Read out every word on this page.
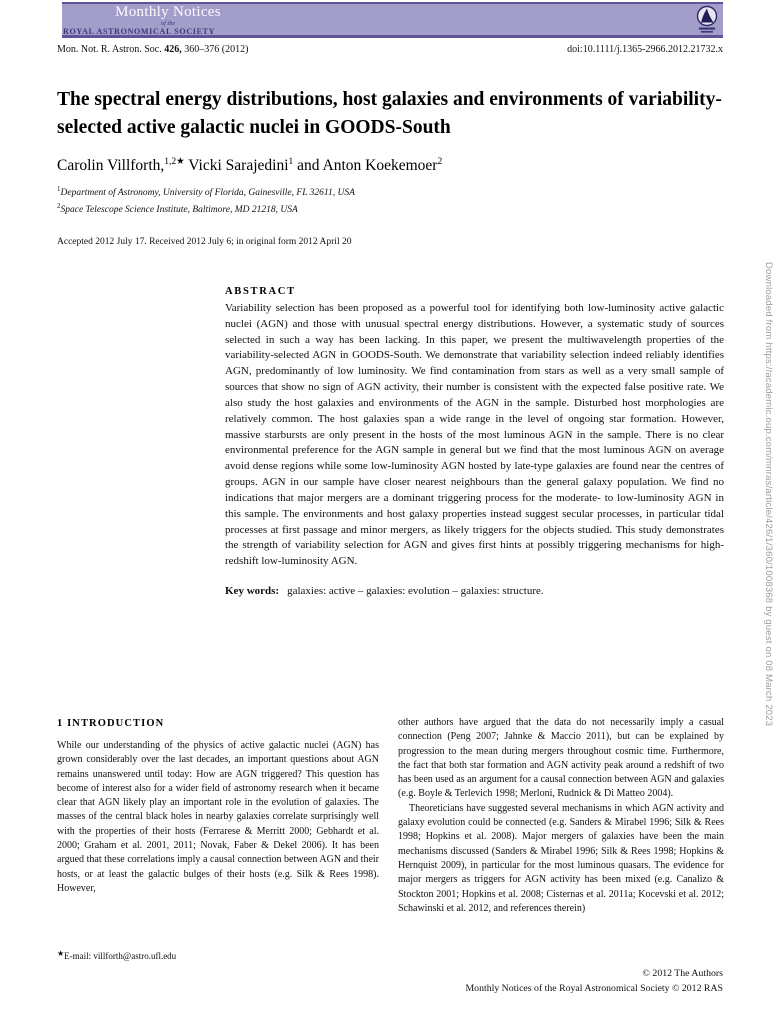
Monthly Notices
of the
ROYAL ASTRONOMICAL SOCIETY
Mon. Not. R. Astron. Soc. 426, 360–376 (2012)	doi:10.1111/j.1365-2966.2012.21732.x
The spectral energy distributions, host galaxies and environments of variability-selected active galactic nuclei in GOODS-South
Carolin Villforth,$^{1,2★}$ Vicki Sarajedini$^1$ and Anton Koekemoer$^2$
$^1$Department of Astronomy, University of Florida, Gainesville, FL 32611, USA
$^2$Space Telescope Science Institute, Baltimore, MD 21218, USA
Accepted 2012 July 17. Received 2012 July 6; in original form 2012 April 20
ABSTRACT
Variability selection has been proposed as a powerful tool for identifying both low-luminosity active galactic nuclei (AGN) and those with unusual spectral energy distributions. However, a systematic study of sources selected in such a way has been lacking. In this paper, we present the multiwavelength properties of the variability-selected AGN in GOODS-South. We demonstrate that variability selection indeed reliably identifies AGN, predominantly of low luminosity. We find contamination from stars as well as a very small sample of sources that show no sign of AGN activity, their number is consistent with the expected false positive rate. We also study the host galaxies and environments of the AGN in the sample. Disturbed host morphologies are relatively common. The host galaxies span a wide range in the level of ongoing star formation. However, massive starbursts are only present in the hosts of the most luminous AGN in the sample. There is no clear environmental preference for the AGN sample in general but we find that the most luminous AGN on average avoid dense regions while some low-luminosity AGN hosted by late-type galaxies are found near the centres of groups. AGN in our sample have closer nearest neighbours than the general galaxy population. We find no indications that major mergers are a dominant triggering process for the moderate- to low-luminosity AGN in this sample. The environments and host galaxy properties instead suggest secular processes, in particular tidal processes at first passage and minor mergers, as likely triggers for the objects studied. This study demonstrates the strength of variability selection for AGN and gives first hints at possibly triggering mechanisms for high-redshift low-luminosity AGN.
Key words: galaxies: active – galaxies: evolution – galaxies: structure.
1 INTRODUCTION

While our understanding of the physics of active galactic nuclei (AGN) has grown considerably over the last decades, an important questions about AGN remains unanswered until today: How are AGN triggered? This question has become of interest also for a wider field of astronomy research when it became clear that AGN likely play an important role in the evolution of galaxies. The masses of the central black holes in nearby galaxies correlate surprisingly well with the properties of their hosts (Ferrarese & Merritt 2000; Gebhardt et al. 2000; Graham et al. 2001, 2011; Novak, Faber & Dekel 2006). It has been argued that these correlations imply a causal connection between AGN and their hosts, or at least the galactic bulges of their hosts (e.g. Silk & Rees 1998). However,

other authors have argued that the data do not necessarily imply a casual connection (Peng 2007; Jahnke & Maccio 2011), but can be explained by progression to the mean during mergers throughout cosmic time. Furthermore, the fact that both star formation and AGN activity peak around a redshift of two has been used as an argument for a causal connection between AGN and galaxies (e.g. Boyle & Terlevich 1998; Merloni, Rudnick & Di Matteo 2004).

Theoreticians have suggested several mechanisms in which AGN activity and galaxy evolution could be connected (e.g. Sanders & Mirabel 1996; Silk & Rees 1998; Hopkins et al. 2008). Major mergers of galaxies have been the main mechanisms discussed (Sanders & Mirabel 1996; Silk & Rees 1998; Hopkins & Hernquist 2009), in particular for the most luminous quasars. The evidence for major mergers as triggers for AGN activity has been mixed (e.g. Canalizo & Stockton 2001; Hopkins et al. 2008; Cisternas et al. 2011a; Kocevski et al. 2012; Schawinski et al. 2012, and references therein)

★E-mail: villforth@astro.ufl.edu
© 2012 The Authors
Monthly Notices of the Royal Astronomical Society © 2012 RAS
Downloaded from https://academic.oup.com/mnras/article/426/1/360/1008368 by guest on 08 March 2023
